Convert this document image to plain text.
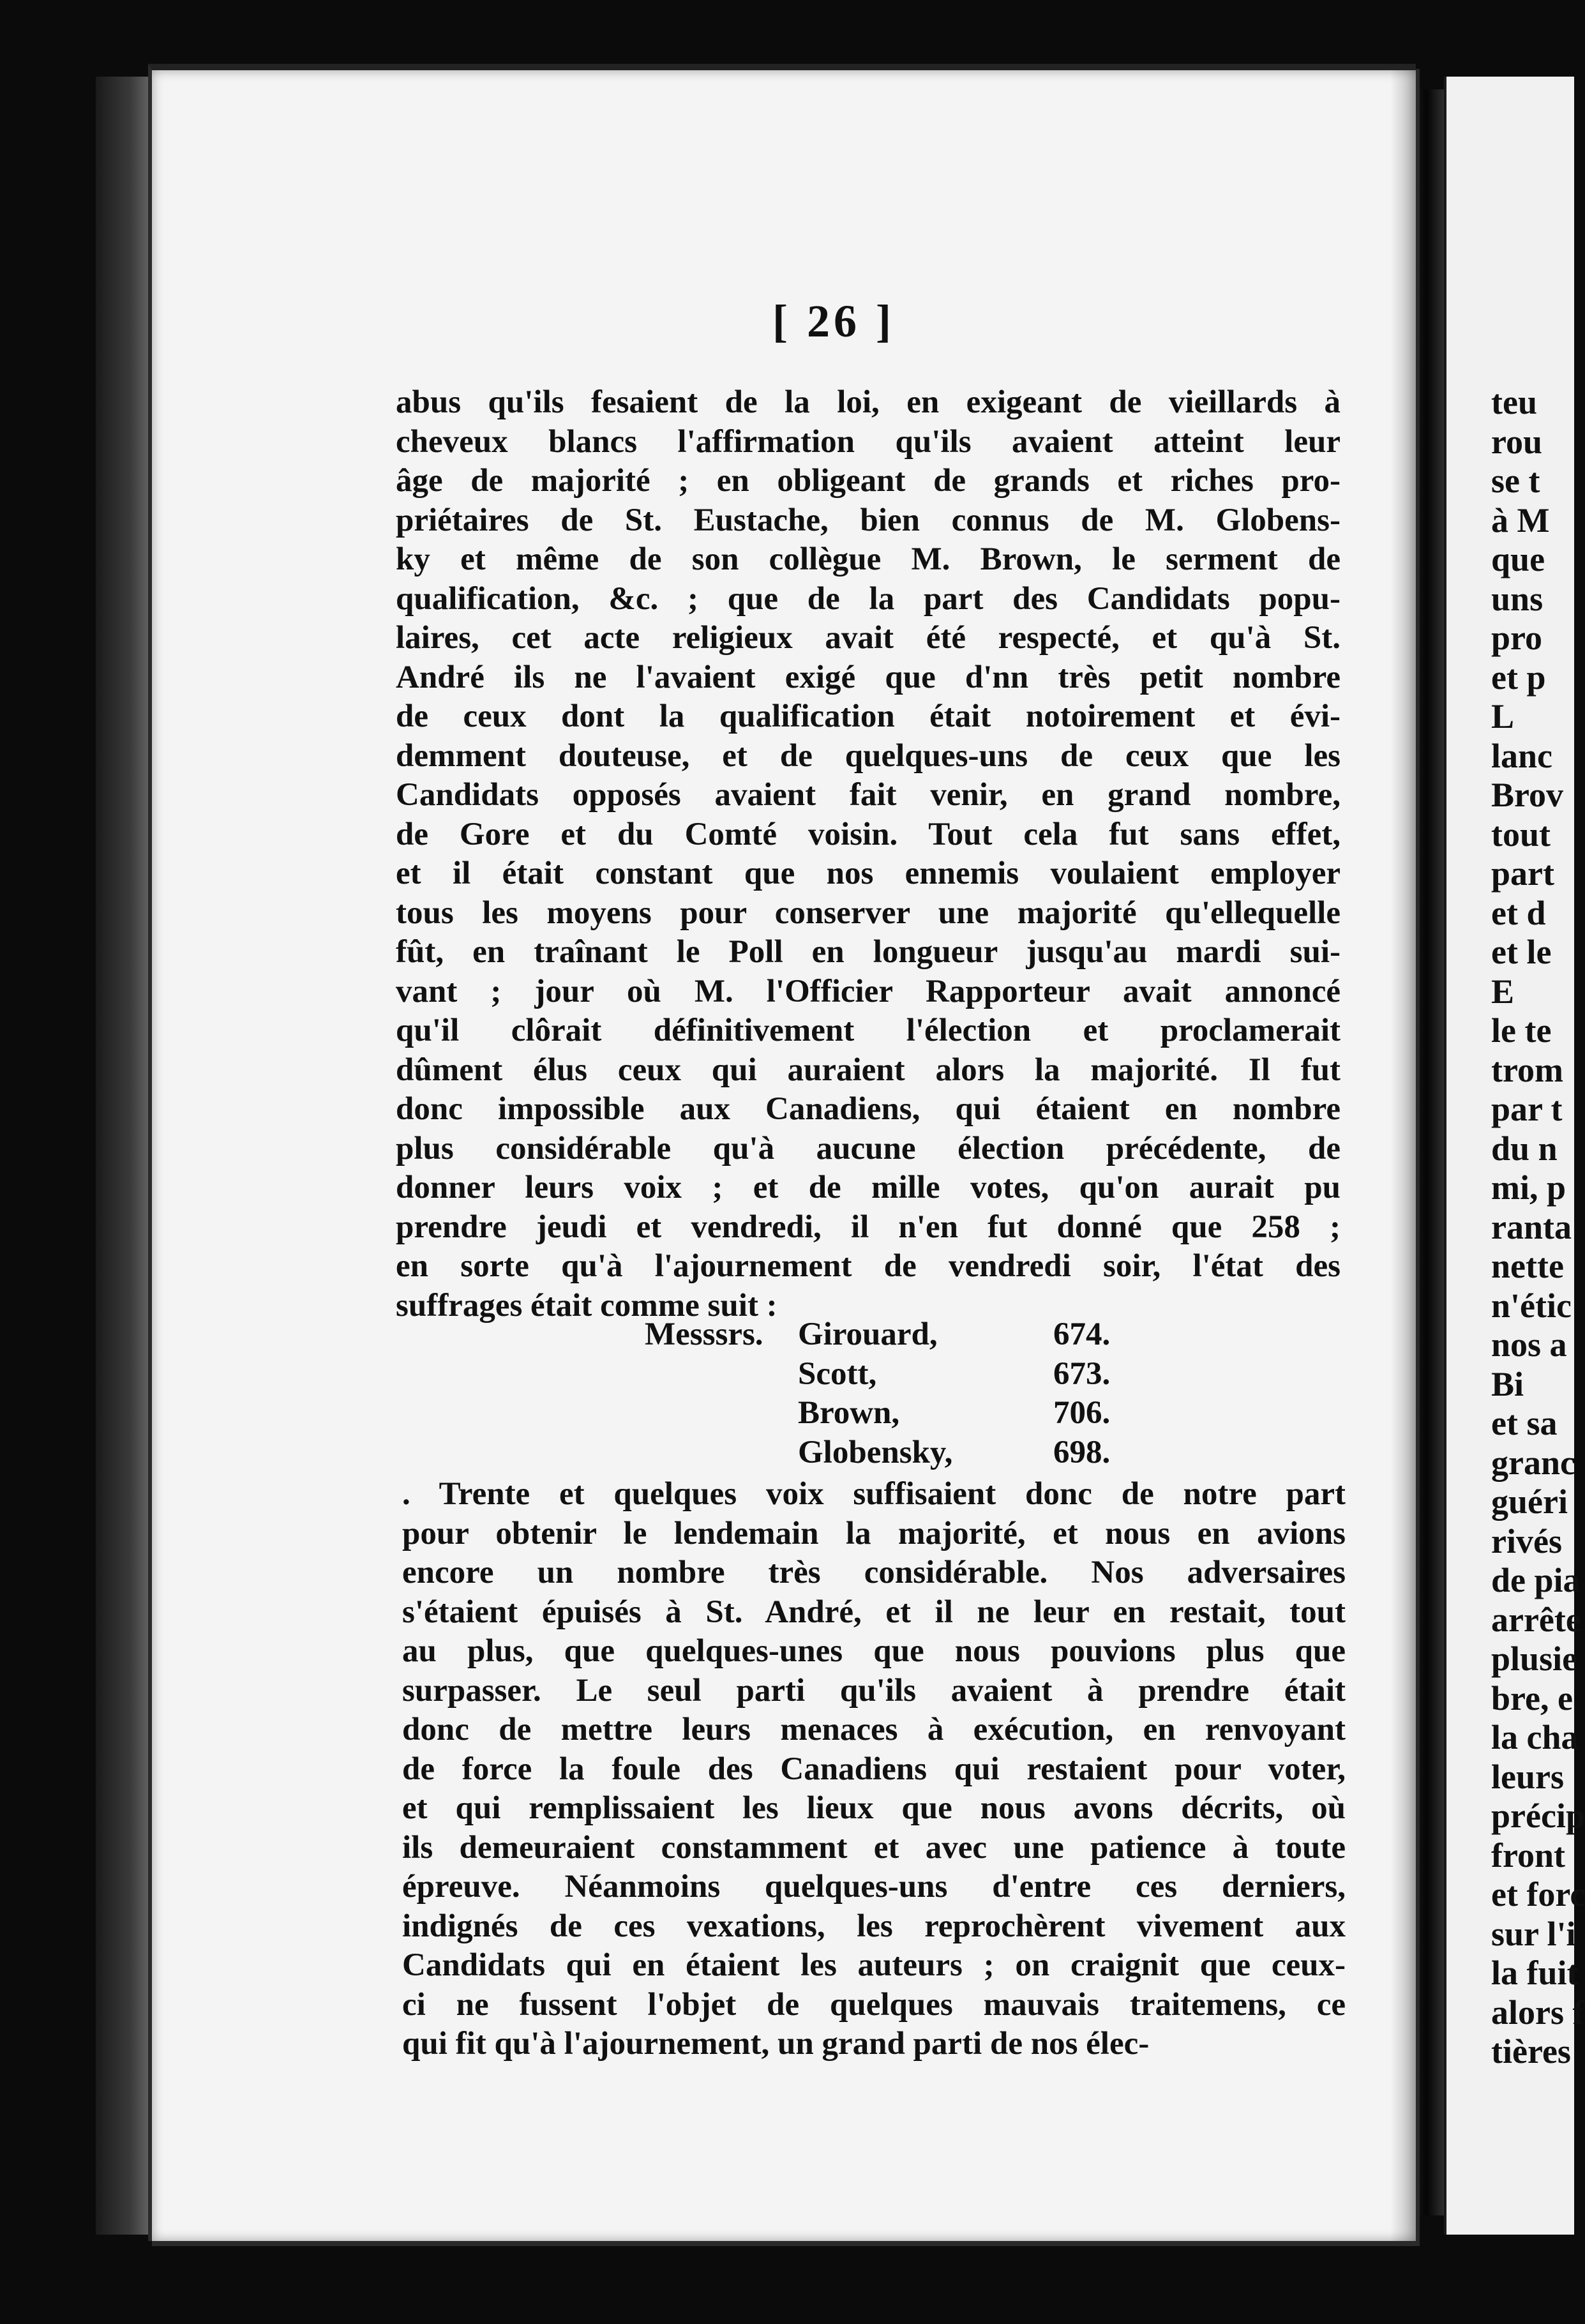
teu
rou
se t
à M
que
uns
pro
et p
L
lanc
Brov
tout
part
et d
et le
E
le te
trom
par t
du n
mi, p
ranta
nette
n'étic
nos a
Bi
et sa
granc
guéri
rivés
de pia
arrête
plusie
bre, e
la cha
leurs
précip
front
et forc
sur l'i
la fuit
alors f
tières
[ 26 ]
abus qu'ils fesaient de la loi, en exigeant de vieillards à
cheveux blancs l'affirmation qu'ils avaient atteint leur
âge de majorité ; en obligeant de grands et riches pro-
priétaires de St. Eustache, bien connus de M. Globens-
ky et même de son collègue M. Brown, le serment de
qualification, &c. ; que de la part des Candidats popu-
laires, cet acte religieux avait été respecté, et qu'à St.
André ils ne l'avaient exigé que d'nn très petit nombre
de ceux dont la qualification était notoirement et évi-
demment douteuse, et de quelques-uns de ceux que les
Candidats opposés avaient fait venir, en grand nombre,
de Gore et du Comté voisin. Tout cela fut sans effet,
et il était constant que nos ennemis voulaient employer
tous les moyens pour conserver une majorité qu'ellequelle
fût, en traînant le Poll en longueur jusqu'au mardi sui-
vant ; jour où M. l'Officier Rapporteur avait annoncé
qu'il clôrait définitivement l'élection et proclamerait
dûment élus ceux qui auraient alors la majorité. Il fut
donc impossible aux Canadiens, qui étaient en nombre
plus considérable qu'à aucune élection précédente, de
donner leurs voix ; et de mille votes, qu'on aurait pu
prendre jeudi et vendredi, il n'en fut donné que 258 ;
en sorte qu'à l'ajournement de vendredi soir, l'état des
suffrages était comme suit :
Messsrs.	Girouard,	674.
Scott,	673.
Brown,	706.
Globensky,	698.
. Trente et quelques voix suffisaient donc de notre part
pour obtenir le lendemain la majorité, et nous en avions
encore un nombre très considérable. Nos adversaires
s'étaient épuisés à St. André, et il ne leur en restait, tout
au plus, que quelques-unes que nous pouvions plus que
surpasser. Le seul parti qu'ils avaient à prendre était
donc de mettre leurs menaces à exécution, en renvoyant
de force la foule des Canadiens qui restaient pour voter,
et qui remplissaient les lieux que nous avons décrits, où
ils demeuraient constamment et avec une patience à toute
épreuve. Néanmoins quelques-uns d'entre ces derniers,
indignés de ces vexations, les reprochèrent vivement aux
Candidats qui en étaient les auteurs ; on craignit que ceux-
ci ne fussent l'objet de quelques mauvais traitemens, ce
qui fit qu'à l'ajournement, un grand parti de nos élec-
